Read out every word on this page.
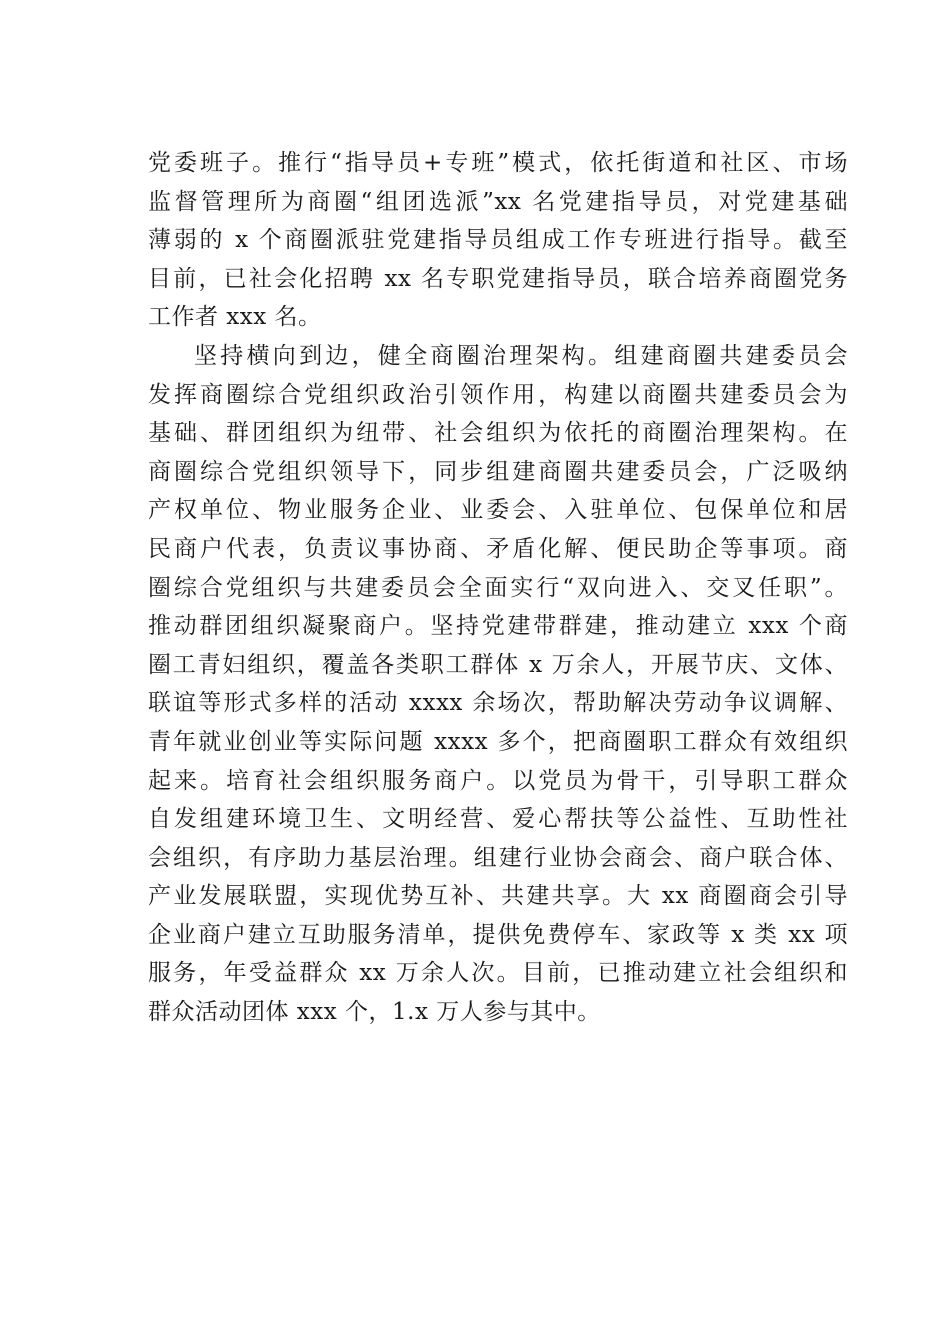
党委班子。推行“指导员+专班”模式，依托街道和社区、市场
监督管理所为商圈“组团选派”xx 名党建指导员，对党建基础
薄弱的 x 个商圈派驻党建指导员组成工作专班进行指导。截至
目前，已社会化招聘 xx 名专职党建指导员，联合培养商圈党务
工作者 xxx 名。
坚持横向到边，健全商圈治理架构。组建商圈共建委员会
发挥商圈综合党组织政治引领作用，构建以商圈共建委员会为
基础、群团组织为纽带、社会组织为依托的商圈治理架构。在
商圈综合党组织领导下，同步组建商圈共建委员会，广泛吸纳
产权单位、物业服务企业、业委会、入驻单位、包保单位和居
民商户代表，负责议事协商、矛盾化解、便民助企等事项。商
圈综合党组织与共建委员会全面实行“双向进入、交叉任职”。
推动群团组织凝聚商户。坚持党建带群建，推动建立 xxx 个商
圈工青妇组织，覆盖各类职工群体 x 万余人，开展节庆、文体、
联谊等形式多样的活动 xxxx 余场次，帮助解决劳动争议调解、
青年就业创业等实际问题 xxxx 多个，把商圈职工群众有效组织
起来。培育社会组织服务商户。以党员为骨干，引导职工群众
自发组建环境卫生、文明经营、爱心帮扶等公益性、互助性社
会组织，有序助力基层治理。组建行业协会商会、商户联合体、
产业发展联盟，实现优势互补、共建共享。大 xx 商圈商会引导
企业商户建立互助服务清单，提供免费停车、家政等 x 类 xx 项
服务，年受益群众 xx 万余人次。目前，已推动建立社会组织和
群众活动团体 xxx 个，1.x 万人参与其中。
